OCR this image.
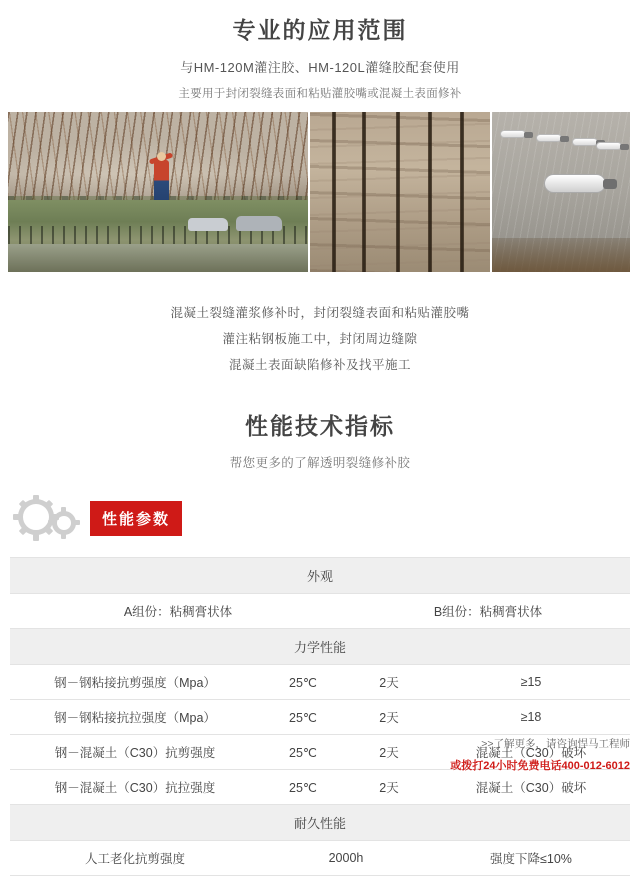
专业的应用范围
与HM-120M灌注胶、HM-120L灌缝胶配套使用
主要用于封闭裂缝表面和粘贴灌胶嘴或混凝土表面修补
混凝土裂缝灌浆修补时，封闭裂缝表面和粘贴灌胶嘴
灌注粘钢板施工中，封闭周边缝隙
混凝土表面缺陷修补及找平施工
性能技术指标
帮您更多的了解透明裂缝修补胶
性能参数
外观			
A组份：粘稠膏状体		B组份：粘稠膏状体	
力学性能			
钢－钢粘接抗剪强度（Mpa）	25℃	2天	≥15
钢－钢粘接抗拉强度（Mpa）	25℃	2天	≥18
钢－混凝土（C30）抗剪强度	25℃	2天	混凝土（C30）破坏
钢－混凝土（C30）抗拉强度	25℃	2天	混凝土（C30）破坏
耐久性能			
人工老化抗剪强度	2000h		强度下降≤10%
>>了解更多，请咨询悍马工程师
或拨打24小时免费电话400-012-6012
